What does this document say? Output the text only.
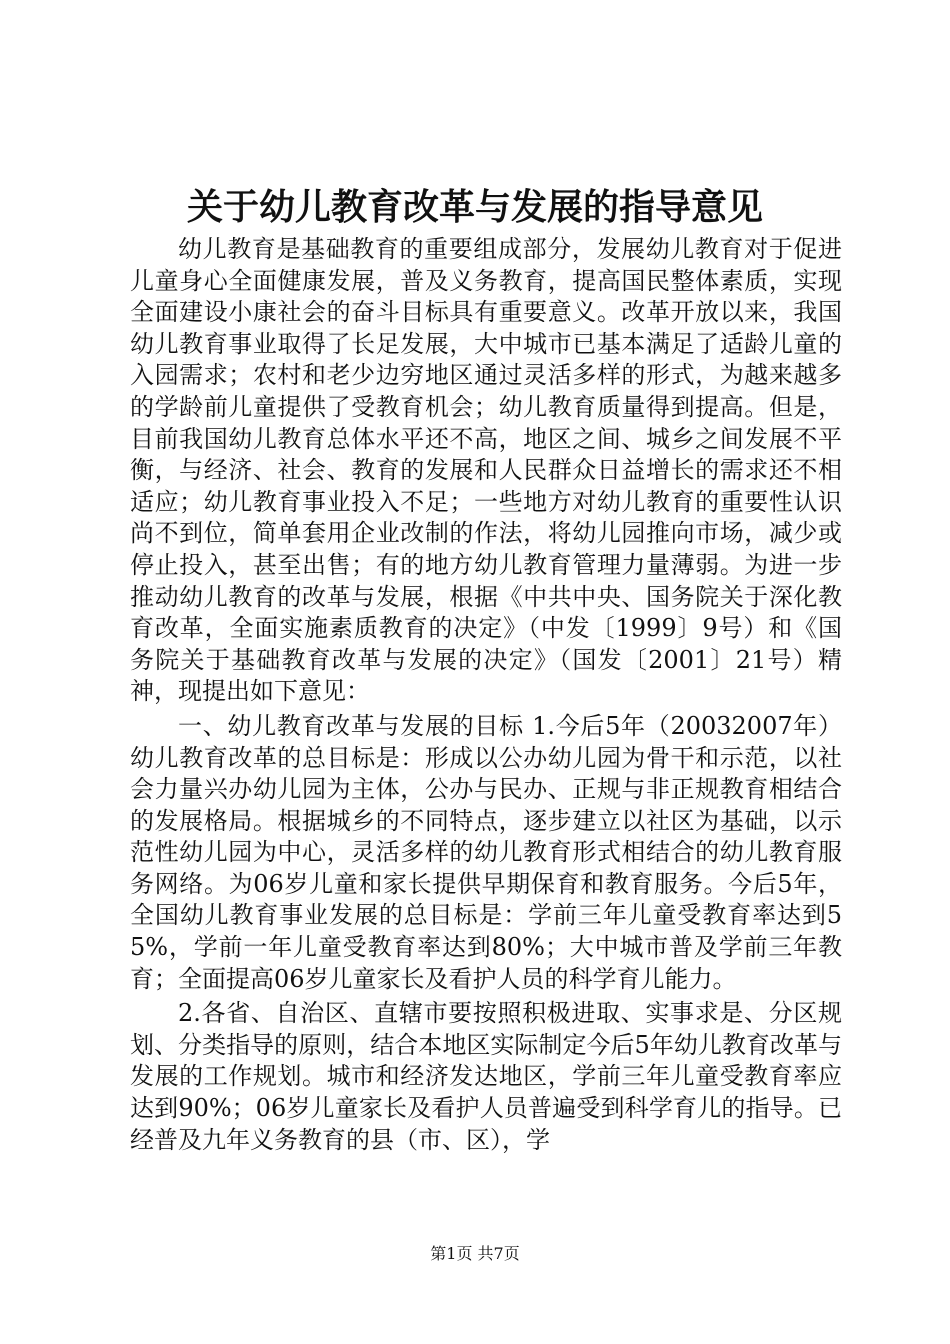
关于幼儿教育改革与发展的指导意见

幼儿教育是基础教育的重要组成部分，发展幼儿教育对于促进儿童身心全面健康发展，普及义务教育，提高国民整体素质，实现全面建设小康社会的奋斗目标具有重要意义。改革开放以来，我国幼儿教育事业取得了长足发展，大中城市已基本满足了适龄儿童的入园需求；农村和老少边穷地区通过灵活多样的形式，为越来越多的学龄前儿童提供了受教育机会；幼儿教育质量得到提高。但是，目前我国幼儿教育总体水平还不高，地区之间、城乡之间发展不平衡，与经济、社会、教育的发展和人民群众日益增长的需求还不相适应；幼儿教育事业投入不足；一些地方对幼儿教育的重要性认识尚不到位，简单套用企业改制的作法，将幼儿园推向市场，减少或停止投入，甚至出售；有的地方幼儿教育管理力量薄弱。为进一步推动幼儿教育的改革与发展，根据《中共中央、国务院关于深化教育改革，全面实施素质教育的决定》（中发〔1999〕9号）和《国务院关于基础教育改革与发展的决定》（国发〔2001〕21号）精神，现提出如下意见：

一、幼儿教育改革与发展的目标 1.今后5年（20032007年）幼儿教育改革的总目标是：形成以公办幼儿园为骨干和示范，以社会力量兴办幼儿园为主体，公办与民办、正规与非正规教育相结合的发展格局。根据城乡的不同特点，逐步建立以社区为基础，以示范性幼儿园为中心，灵活多样的幼儿教育形式相结合的幼儿教育服务网络。为06岁儿童和家长提供早期保育和教育服务。今后5年，全国幼儿教育事业发展的总目标是：学前三年儿童受教育率达到55%，学前一年儿童受教育率达到80%；大中城市普及学前三年教育；全面提高06岁儿童家长及看护人员的科学育儿能力。

2.各省、自治区、直辖市要按照积极进取、实事求是、分区规划、分类指导的原则，结合本地区实际制定今后5年幼儿教育改革与发展的工作规划。城市和经济发达地区，学前三年儿童受教育率应达到90%；06岁儿童家长及看护人员普遍受到科学育儿的指导。已经普及九年义务教育的县（市、区），学

第1页 共7页
